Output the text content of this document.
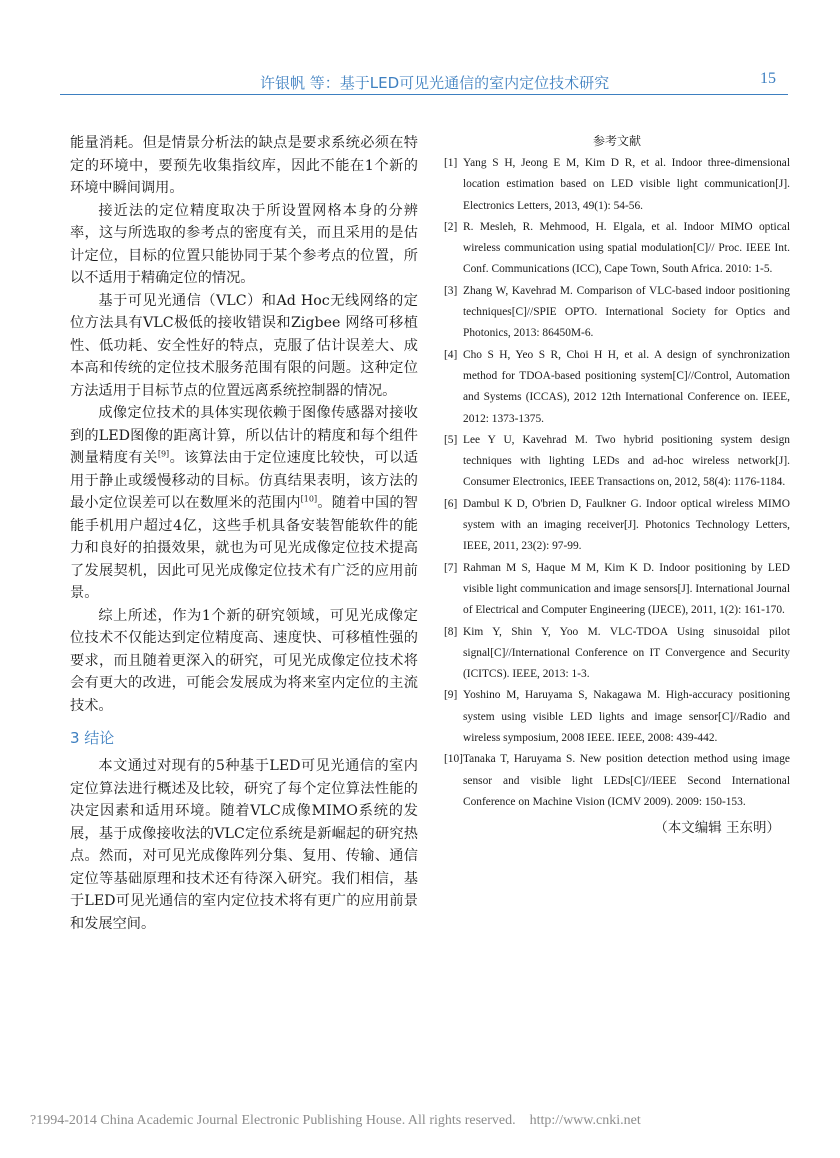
许银帆 等：基于LED可见光通信的室内定位技术研究	15

能量消耗。但是情景分析法的缺点是要求系统必须在特定的环境中，要预先收集指纹库，因此不能在1个新的环境中瞬间调用。

接近法的定位精度取决于所设置网格本身的分辨率，这与所选取的参考点的密度有关，而且采用的是估计定位，目标的位置只能协同于某个参考点的位置，所以不适用于精确定位的情况。

基于可见光通信（VLC）和Ad Hoc无线网络的定位方法具有VLC极低的接收错误和Zigbee 网络可移植性、低功耗、安全性好的特点，克服了估计误差大、成本高和传统的定位技术服务范围有限的问题。这种定位方法适用于目标节点的位置远离系统控制器的情况。

成像定位技术的具体实现依赖于图像传感器对接收到的LED图像的距离计算，所以估计的精度和每个组件测量精度有关[9]。该算法由于定位速度比较快，可以适用于静止或缓慢移动的目标。仿真结果表明，该方法的最小定位误差可以在数厘米的范围内[10]。随着中国的智能手机用户超过4亿，这些手机具备安装智能软件的能力和良好的拍摄效果，就也为可见光成像定位技术提高了发展契机，因此可见光成像定位技术有广泛的应用前景。

综上所述，作为1个新的研究领域，可见光成像定位技术不仅能达到定位精度高、速度快、可移植性强的要求，而且随着更深入的研究，可见光成像定位技术将会有更大的改进，可能会发展成为将来室内定位的主流技术。

3 结论

本文通过对现有的5种基于LED可见光通信的室内定位算法进行概述及比较，研究了每个定位算法性能的决定因素和适用环境。随着VLC成像MIMO系统的发展，基于成像接收法的VLC定位系统是新崛起的研究热点。然而，对可见光成像阵列分集、复用、传输、通信定位等基础原理和技术还有待深入研究。我们相信，基于LED可见光通信的室内定位技术将有更广的应用前景和发展空间。

参考文献
[1] Yang S H, Jeong E M, Kim D R, et al. Indoor three-dimensional location estimation based on LED visible light communication[J]. Electronics Letters, 2013, 49(1): 54-56.
[2] R. Mesleh, R. Mehmood, H. Elgala, et al. Indoor MIMO optical wireless communication using spatial modulation[C]// Proc. IEEE Int. Conf. Communications (ICC), Cape Town, South Africa. 2010: 1-5.
[3] Zhang W, Kavehrad M. Comparison of VLC-based indoor positioning techniques[C]//SPIE OPTO. International Society for Optics and Photonics, 2013: 86450M-6.
[4] Cho S H, Yeo S R, Choi H H, et al. A design of synchronization method for TDOA-based positioning system[C]//Control, Automation and Systems (ICCAS), 2012 12th International Conference on. IEEE, 2012: 1373-1375.
[5] Lee Y U, Kavehrad M. Two hybrid positioning system design techniques with lighting LEDs and ad-hoc wireless network[J]. Consumer Electronics, IEEE Transactions on, 2012, 58(4): 1176-1184.
[6] Dambul K D, O'brien D, Faulkner G. Indoor optical wireless MIMO system with an imaging receiver[J]. Photonics Technology Letters, IEEE, 2011, 23(2): 97-99.
[7] Rahman M S, Haque M M, Kim K D. Indoor positioning by LED visible light communication and image sensors[J]. International Journal of Electrical and Computer Engineering (IJECE), 2011, 1(2): 161-170.
[8] Kim Y, Shin Y, Yoo M. VLC-TDOA Using sinusoidal pilot signal[C]//International Conference on IT Convergence and Security (ICITCS). IEEE, 2013: 1-3.
[9] Yoshino M, Haruyama S, Nakagawa M. High-accuracy positioning system using visible LED lights and image sensor[C]//Radio and wireless symposium, 2008 IEEE. IEEE, 2008: 439-442.
[10] Tanaka T, Haruyama S. New position detection method using image sensor and visible light LEDs[C]//IEEE Second International Conference on Machine Vision (ICMV 2009). 2009: 150-153.
（本文编辑 王东明）
?1994-2014 China Academic Journal Electronic Publishing House. All rights reserved.    http://www.cnki.net
